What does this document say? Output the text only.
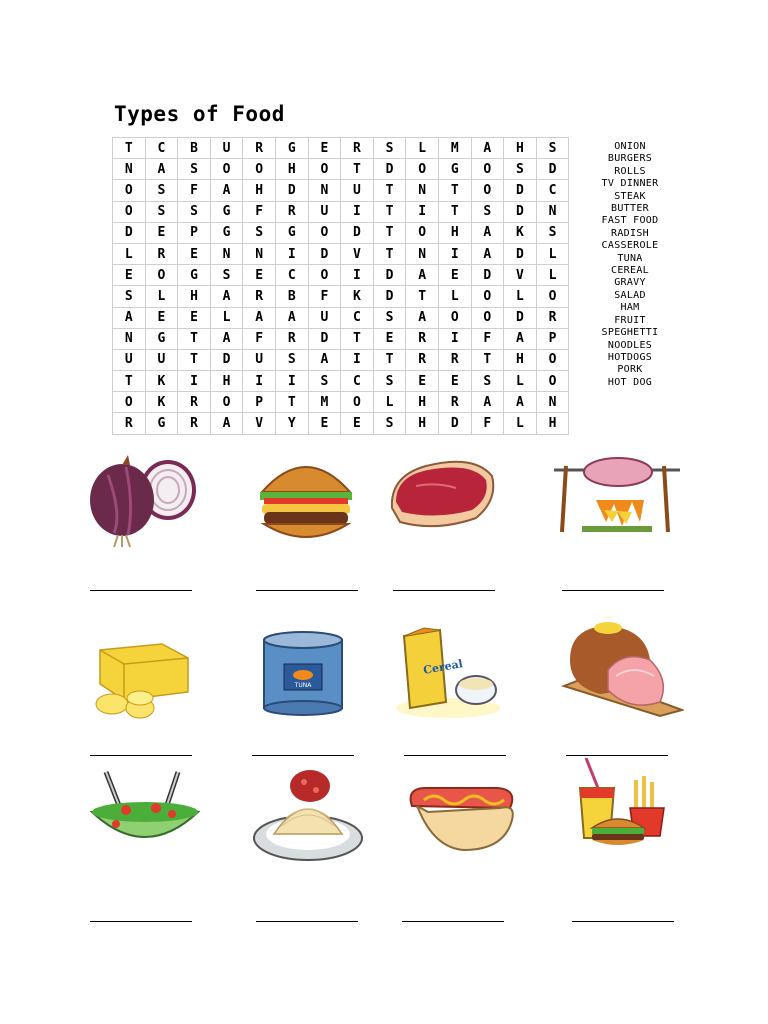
Types of Food
T	C	B	U	R	G	E	R	S	L	M	A	H	S
N	A	S	O	O	H	O	T	D	O	G	O	S	D
O	S	F	A	H	D	N	U	T	N	T	O	D	C
O	S	S	G	F	R	U	I	T	I	T	S	D	N
D	E	P	G	S	G	O	D	T	O	H	A	K	S
L	R	E	N	N	I	D	V	T	N	I	A	D	L
E	O	G	S	E	C	O	I	D	A	E	D	V	L
S	L	H	A	R	B	F	K	D	T	L	O	L	O
A	E	E	L	A	A	U	C	S	A	O	O	D	R
N	G	T	A	F	R	D	T	E	R	I	F	A	P
U	U	T	D	U	S	A	I	T	R	R	T	H	O
T	K	I	H	I	I	S	C	S	E	E	S	L	O
O	K	R	O	P	T	M	O	L	H	R	A	A	N
R	G	R	A	V	Y	E	E	S	H	D	F	L	H
ONION
BURGERS
ROLLS
TV DINNER
STEAK
BUTTER
FAST FOOD
RADISH
CASSEROLE
TUNA
CEREAL
GRAVY
SALAD
HAM
FRUIT
SPEGHETTI
NOODLES
HOTDOGS
PORK
HOT DOG
TUNA
Cereal
